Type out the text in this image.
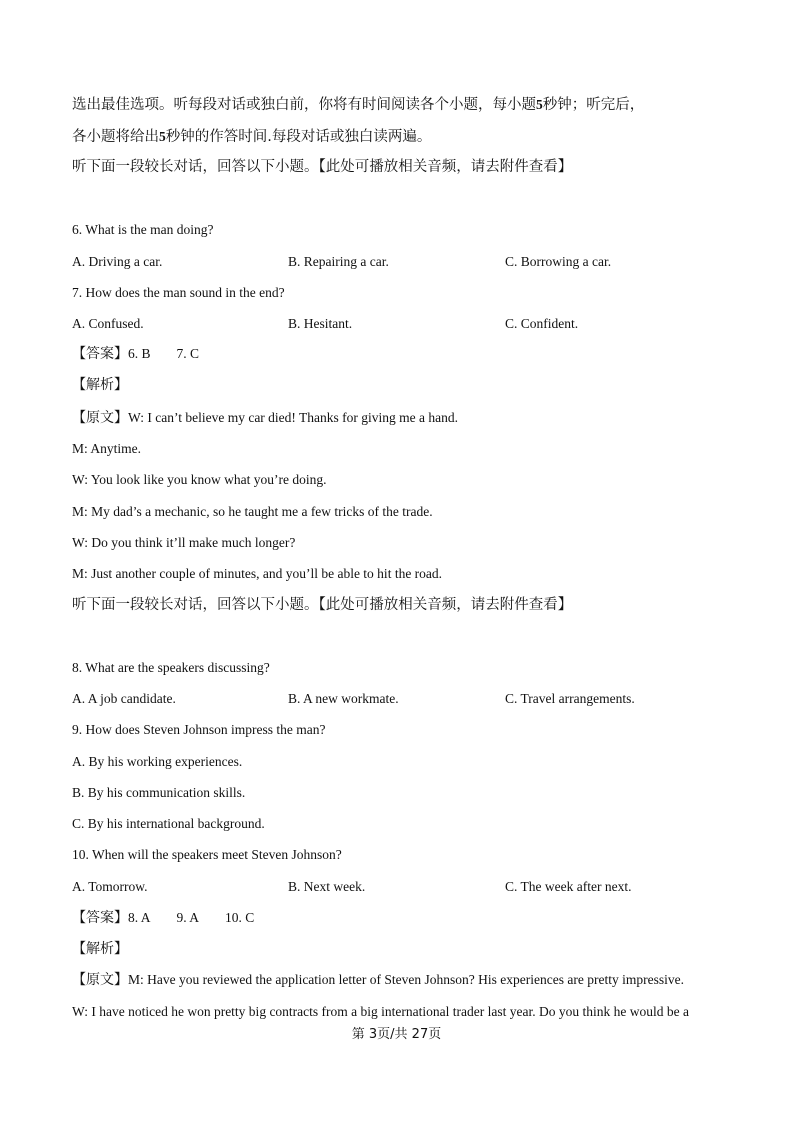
选出最佳选项。听每段对话或独白前，你将有时间阅读各个小题，每小题5秒钟；听完后，
各小题将给出5秒钟的作答时间.每段对话或独白读两遍。
听下面一段较长对话，回答以下小题。【此处可播放相关音频，请去附件查看】
6. What is the man doing?
A. Driving a car.	B. Repairing a car.	C. Borrowing a car.
7. How does the man sound in the end?
A. Confused.	B. Hesitant.	C. Confident.
【答案】6. B 7. C
【解析】
【原文】W: I can’t believe my car died! Thanks for giving me a hand.
M: Anytime.
W: You look like you know what you’re doing.
M: My dad’s a mechanic, so he taught me a few tricks of the trade.
W: Do you think it’ll make much longer?
M: Just another couple of minutes, and you’ll be able to hit the road.
听下面一段较长对话，回答以下小题。【此处可播放相关音频，请去附件查看】
8. What are the speakers discussing?
A. A job candidate.	B. A new workmate.	C. Travel arrangements.
9. How does Steven Johnson impress the man?
A. By his working experiences.
B. By his communication skills.
C. By his international background.
10. When will the speakers meet Steven Johnson?
A. Tomorrow.	B. Next week.	C. The week after next.
【答案】8. A 9. A 10. C
【解析】
【原文】M: Have you reviewed the application letter of Steven Johnson? His experiences are pretty impressive.
W: I have noticed he won pretty big contracts from a big international trader last year. Do you think he would be a
第 3页/共 27页
